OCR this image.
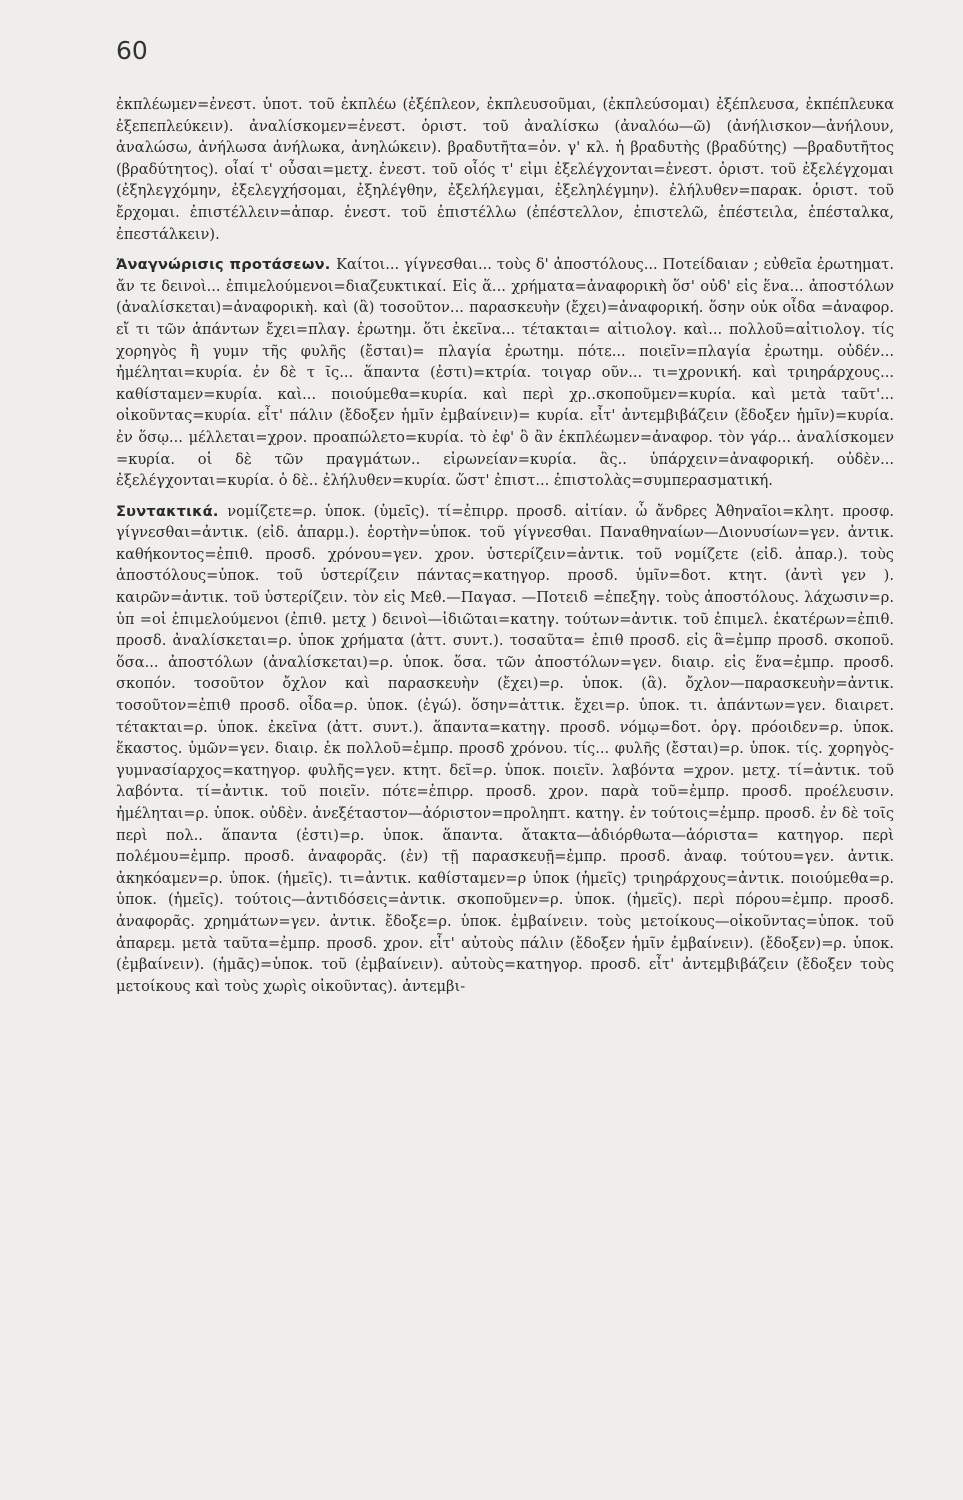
60

ἐκπλέωμεν=ἐνεστ. ὑποτ. τοῦ ἐκπλέω (ἐξέπλεον, ἐκπλευσοῦμαι, (ἐκπλεύσομαι) ἐξέπλευσα, ἐκπέπλευκα ἐξεπεπλεύκειν). ἀναλίσκομεν=ἐνεστ. ὁριστ. τοῦ ἀναλίσκω (ἀναλόω—ῶ) (ἀνήλισκον—ἀνήλουν, ἀναλώσω, ἀνήλωσα ἀνήλωκα, ἀνηλώκειν). βραδυτῆτα=ὀν. γ' κλ. ἡ βραδυτὴς (βραδύτης) —βραδυτῆτος (βραδύτητος). οἷαί τ' οὖσαι=μετχ. ἐνεστ. τοῦ οἷός τ' εἰμι ἐξελέγχονται=ἐνεστ. ὁριστ. τοῦ ἐξελέγχομαι (ἐξηλεγχόμην, ἐξελεγχήσομαι, ἐξηλέγθην, ἐξελήλεγμαι, ἐξεληλέγμην). ἐλήλυθεν=παρακ. ὁριστ. τοῦ ἔρχομαι. ἐπιστέλλειν=ἀπαρ. ἐνεστ. τοῦ ἐπιστέλλω (ἐπέστελλον, ἐπιστελῶ, ἐπέστειλα, ἐπέσταλκα, ἐπεστάλκειν).

Ἀναγνώρισις προτάσεων. Καίτοι... γίγνεσθαι... τοὺς δ' ἀποστόλους... Ποτείδαιαν ; εὐθεῖα ἐρωτηματ. ἄν τε δεινοὶ... ἐπιμελούμενοι=διαζευκτικαί. Εἰς ἅ... χρήματα=ἀναφορικὴ ὅσ' οὐδ' εἰς ἕνα... ἀποστόλων (ἀναλίσκεται)=ἀναφορικὴ. καὶ (ἃ) τοσοῦτον... παρασκευὴν (ἔχει)=ἀναφορική. ὅσην οὐκ οἶδα =ἀναφορ. εἴ τι τῶν ἁπάντων ἔχει=πλαγ. ἐρωτημ. ὅτι ἐκεῖνα... τέτακται= αἰτιολογ. καὶ... πολλοῦ=αἰτιολογ. τίς χορηγὸς ἢ γυμν τῆς φυλῆς (ἔσται)= πλαγία ἐρωτημ. πότε... ποιεῖν=πλαγία ἐρωτημ. οὐδέν... ἠμέληται=κυρία. ἐν δὲ τ ῖς... ἅπαντα (ἐστι)=κτρία. τοιγαρ οῦν... τι=χρονική. καὶ τριηράρχους... καθίσταμεν=κυρία. καὶ... ποιούμεθα=κυρία. καὶ περὶ χρ..σκοποῦμεν=κυρία. καὶ μετὰ ταῦτ'... οἰκοῦντας=κυρία. εἶτ' πάλιν (ἔδοξεν ἡμῖν ἐμβαίνειν)= κυρία. εἶτ' ἀντεμβιβάζειν (ἔδοξεν ἡμῖν)=κυρία. ἐν ὅσῳ... μέλλεται=χρον. προαπώλετο=κυρία. τὸ ἐφ' ὃ ἂν ἐκπλέωμεν=ἀναφορ. τὸν γάρ... ἀναλίσκομεν =κυρία. οἱ δὲ τῶν πραγμάτων.. εἰρωνείαν=κυρία. ἂς.. ὑπάρχειν=ἀναφορική. οὐδὲν... ἐξελέγχονται=κυρία. ὁ δὲ.. ἐλήλυθεν=κυρία. ὥστ' ἐπιστ... ἐπιστολὰς=συμπερασματική.

Συντακτικά. νομίζετε=ρ. ὑποκ. (ὑμεῖς). τί=ἐπιρρ. προσδ. αἰτίαν. ὦ ἄνδρες Ἀθηναῖοι=κλητ. προσφ. γίγνεσθαι=ἀντικ. (εἰδ. ἀπαρμ.). ἑορτὴν=ὑποκ. τοῦ γίγνεσθαι. Παναθηναίων—Διονυσίων=γεν. ἀντικ. καθήκοντος=ἐπιθ. προσδ. χρόνου=γεν. χρον. ὑστερίζειν=ἀντικ. τοῦ νομίζετε (εἰδ. ἀπαρ.). τοὺς ἀποστόλους=ὑποκ. τοῦ ὑστερίζειν πάντας=κατηγορ. προσδ. ὑμῖν=δοτ. κτητ. (ἀντὶ γεν ). καιρῶν=ἀντικ. τοῦ ὑστερίζειν. τὸν εἰς Μεθ.—Παγασ. —Ποτειδ =ἐπεξηγ. τοὺς ἀποστόλους. λάχωσιν=ρ. ὑπ =οἱ ἐπιμελούμενοι (ἐπιθ. μετχ ) δεινοὶ—ἰδιῶται=κατηγ. τούτων=ἀντικ. τοῦ ἐπιμελ. ἑκατέρων=ἐπιθ. προσδ. ἀναλίσκεται=ρ. ὑποκ χρήματα (ἀττ. συντ.). τοσαῦτα= ἐπιθ προσδ. εἰς ἃ=ἐμπρ προσδ. σκοποῦ. ὅσα... ἀποστόλων (ἀναλίσκεται)=ρ. ὑποκ. ὅσα. τῶν ἀποστόλων=γεν. διαιρ. εἰς ἕνα=ἐμπρ. προσδ. σκοπόν. τοσοῦτον ὄχλον καὶ παρασκευὴν (ἔχει)=ρ. ὑποκ. (ἃ). ὄχλον—παρασκευὴν=ἀντικ. τοσοῦτον=ἐπιθ προσδ. οἶδα=ρ. ὑποκ. (ἐγώ). ὅσην=ἀττικ. ἔχει=ρ. ὑποκ. τι. ἁπάντων=γεν. διαιρετ. τέτακται=ρ. ὑποκ. ἐκεῖνα (ἀττ. συντ.). ἅπαντα=κατηγ. προσδ. νόμῳ=δοτ. ὀργ. πρόοιδεν=ρ. ὑποκ. ἕκαστος. ὑμῶν=γεν. διαιρ. ἐκ πολλοῦ=ἐμπρ. προσδ χρόνου. τίς... φυλῆς (ἔσται)=ρ. ὑποκ. τίς. χορηγὸς-γυμνασίαρχος=κατηγορ. φυλῆς=γεν. κτητ. δεῖ=ρ. ὑποκ. ποιεῖν. λαβόντα =χρον. μετχ. τί=ἀντικ. τοῦ λαβόντα. τί=ἀντικ. τοῦ ποιεῖν. πότε=ἐπιρρ. προσδ. χρον. παρὰ τοῦ=ἐμπρ. προσδ. προέλευσιν. ἠμέληται=ρ. ὑποκ. οὐδὲν. ἀνεξέταστον—ἀόριστον=προληπτ. κατηγ. ἐν τούτοις=ἐμπρ. προσδ. ἐν δὲ τοῖς περὶ πολ.. ἅπαντα (ἐστι)=ρ. ὑποκ. ἅπαντα. ἄτακτα—ἀδιόρθωτα—ἀόριστα= κατηγορ. περὶ πολέμου=ἐμπρ. προσδ. ἀναφορᾶς. (ἐν) τῇ παρασκευῇ=ἐμπρ. προσδ. ἀναφ. τούτου=γεν. ἀντικ. ἀκηκόαμεν=ρ. ὑποκ. (ἡμεῖς). τι=ἀντικ. καθίσταμεν=ρ ὑποκ (ἡμεῖς) τριηράρχους=ἀντικ. ποιούμεθα=ρ. ὑποκ. (ἡμεῖς). τούτοις—ἀντιδόσεις=ἀντικ. σκοποῦμεν=ρ. ὑποκ. (ἡμεῖς). περὶ πόρου=ἐμπρ. προσδ. ἀναφορᾶς. χρημάτων=γεν. ἀντικ. ἔδοξε=ρ. ὑποκ. ἐμβαίνειν. τοὺς μετοίκους—οἰκοῦντας=ὑποκ. τοῦ ἀπαρεμ. μετὰ ταῦτα=ἐμπρ. προσδ. χρον. εἶτ' αὐτοὺς πάλιν (ἔδοξεν ἡμῖν ἐμβαίνειν). (ἔδοξεν)=ρ. ὑποκ. (ἐμβαίνειν). (ἡμᾶς)=ὑποκ. τοῦ (ἐμβαίνειν). αὐτοὺς=κατηγορ. προσδ. εἶτ' ἀντεμβιβάζειν (ἔδοξεν τοὺς μετοίκους καὶ τοὺς χωρὶς οἰκοῦντας). ἀντεμβι-
